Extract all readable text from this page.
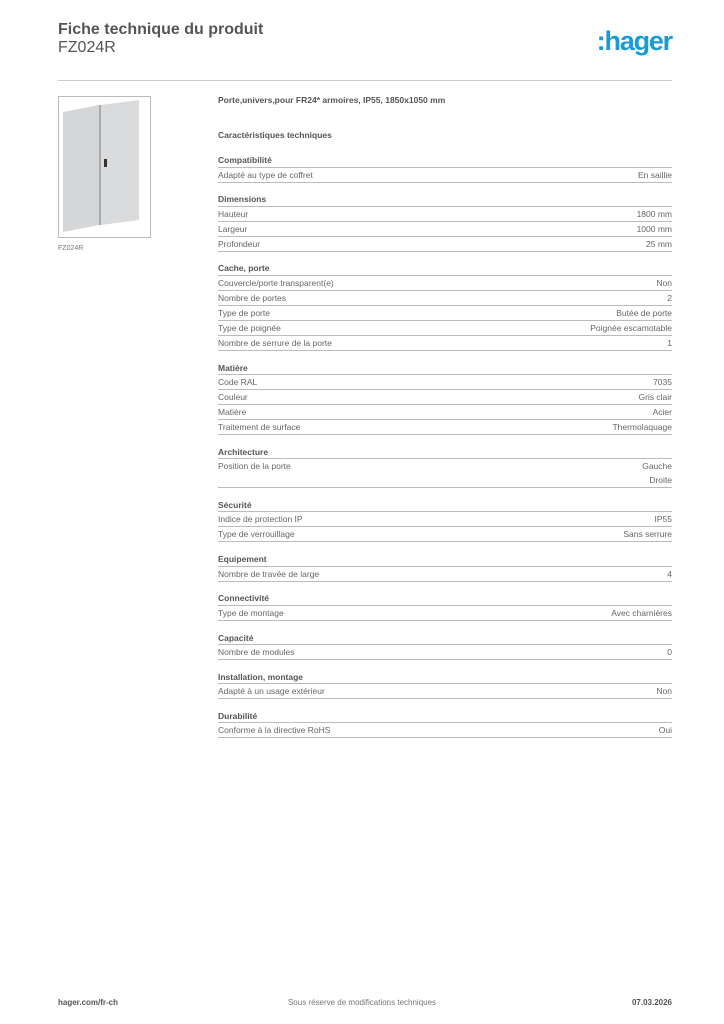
Fiche technique du produit
FZ024R	:hager
FZ024R
Porte,univers,pour FR24* armoires, IP55, 1850x1050 mm
Caractéristiques techniques
Compatibilité
Adapté au type de coffret	En saillie
Dimensions
Hauteur	1800 mm
Largeur	1000 mm
Profondeur	25 mm
Cache, porte
Couvercle/porte transparent(e)	Non
Nombre de portes	2
Type de porte	Butée de porte
Type de poignée	Poignée escamotable
Nombre de serrure de la porte	1
Matière
Code RAL	7035
Couleur	Gris clair
Matière	Acier
Traitement de surface	Thermolaquage
Architecture
Position de la porte	Gauche
Droite
Sécurité
Indice de protection IP	IP55
Type de verrouillage	Sans serrure
Equipement
Nombre de travée de large	4
Connectivité
Type de montage	Avec charnières
Capacité
Nombre de modules	0
Installation, montage
Adapté à un usage extérieur	Non
Durabilité
Conforme à la directive RoHS	Oui
hager.com/fr-ch	Sous réserve de modifications techniques	07.03.2026
